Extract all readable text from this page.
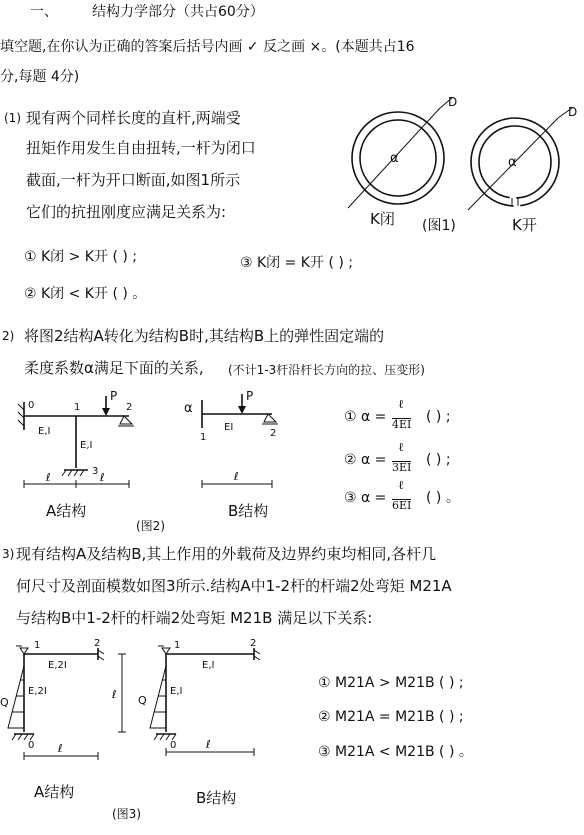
一、 结构力学部分（共占60分）
填空题,在你认为正确的答案后括号内画 ✓ 反之画 ×。(本题共占16
分,每题 4分)
(1) 现有两个同样长度的直杆,两端受
扭矩作用发生自由扭转,一杆为闭口
截面,一杆为开口断面,如图1所示
它们的抗扭刚度应满足关系为:
① K闭 > K开 ( ) ;	③ K闭 = K开 ( ) ;
② K闭 < K开 ( ) 。
D
α
D
α
K闭 (图1)	K开
2) 将图2结构A转化为结构B时,其结构B上的弹性固定端的
柔度系数α满足下面的关系, (不计1-3杆沿杆长方向的拉、压变形)
0	1
P
2
E,I
E,I
3
ℓ	ℓ
A结构
(图2)
α
P
EI
1	2
ℓ
B结构
① α =
ℓ
4EI ( ) ;
② α =
ℓ
3EI ( ) ;
③ α =
ℓ
6EI ( ) 。
3) 现有结构A及结构B,其上作用的外载荷及边界约束均相同,各杆几
何尺寸及剖面模数如图3所示.结构A中1-2杆的杆端2处弯矩 M21A
与结构B中1-2杆的杆端2处弯矩 M21B 满足以下关系:
1	2
E,2I
E,2I
Q
0 ℓ
A结构
ℓ
1	2
E,I
E,I
Q
0	ℓ
B结构
(图3)
① M21A > M21B ( ) ;
② M21A = M21B ( ) ;
③ M21A < M21B ( ) 。
